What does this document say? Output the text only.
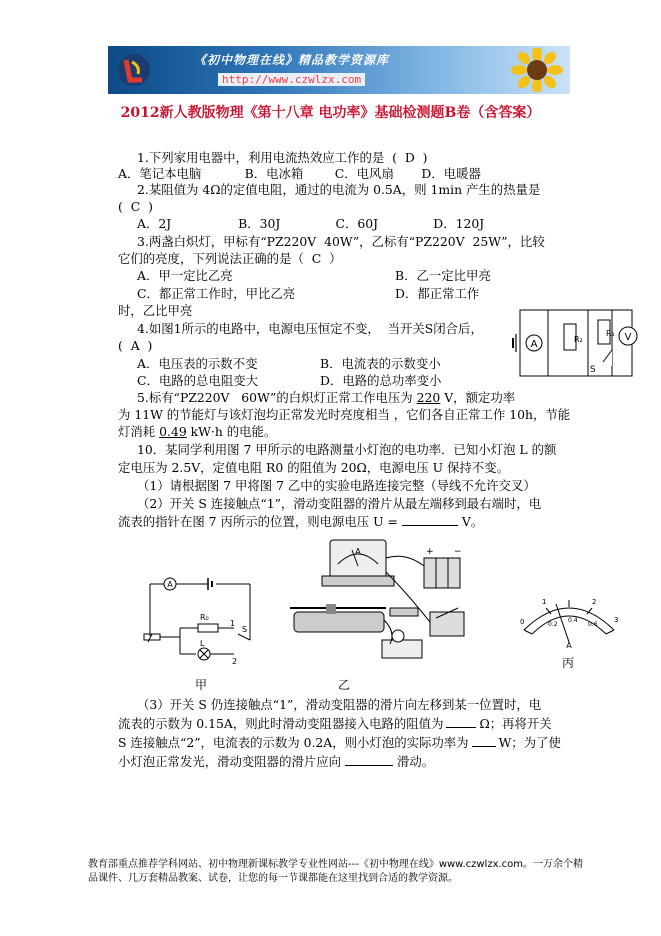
《初中物理在线》精品教学资源库
http://www.czwlzx.com
2012新人教版物理《第十八章 电功率》基础检测题B卷（含答案）
1.下列家用电器中，利用电流热效应工作的是  (  D  )
A．笔记本电脑           B．电冰箱        C．电风扇       D．电暖器
2.某阻值为 4Ω的定值电阻，通过的电流为 0.5A，则 1min 产生的热量是
(  C  )
A．2J                 B．30J              C．60J              D．120J
3.两盏白炽灯，甲标有“PZ220V  40W”，乙标有“PZ220V  25W”，比较
它们的亮度，下列说法正确的是（  C  ）
A．甲一定比乙亮	B．乙一定比甲亮
C．都正常工作时，甲比乙亮	D．都正常工作
时，乙比甲亮
4.如图1所示的电路中，电源电压恒定不变，  当开关S闭合后，
(  A  )
A．电压表的示数不变	B．电流表的示数变小
C．电路的总电阻变大	D．电路的总功率变小
5.标有“PZ220V   60W”的白炽灯正常工作电压为 220 V，额定功率
为 11W 的节能灯与该灯泡均正常发光时亮度相当 ，它们各自正常工作 10h，节能
灯消耗 0.49 kW·h 的电能。
10．某同学利用图 7 甲所示的电路测量小灯泡的电功率．已知小灯泡 L 的额
定电压为 2.5V，定值电阻 R0 的阻值为 20Ω，电源电压 U 保持不变。
（1）请根据图 7 甲将图 7 乙中的实验电路连接完整（导线不允许交叉）
（2）开关 S 连接触点“1”，滑动变阻器的滑片从最左端移到最右端时，电
流表的指针在图 7 丙所示的位置，则电源电压 U =	V。
（3）开关 S 仍连接触点“1”，滑动变阻器的滑片向左移到某一位置时，电
流表的示数为 0.15A，则此时滑动变阻器接入电路的阻值为	Ω；再将开关
S 连接触点“2”，电流表的示数为 0.2A，则小灯泡的实际功率为 W；为了使
小灯泡正常发光，滑动变阻器的滑片应向	滑动。
A	R₂
R₁
S
V
A
R₀
L
S
1
2
甲
A	+ −
乙
0
1	2
3
0.2
0.4
0.6
A
丙
教育部重点推荐学科网站、初中物理新课标教学专业性网站---《初中物理在线》www.czwlzx.com。一万余个精品课件、几万套精品教案、试卷，让您的每一节课都能在这里找到合适的教学资源。
